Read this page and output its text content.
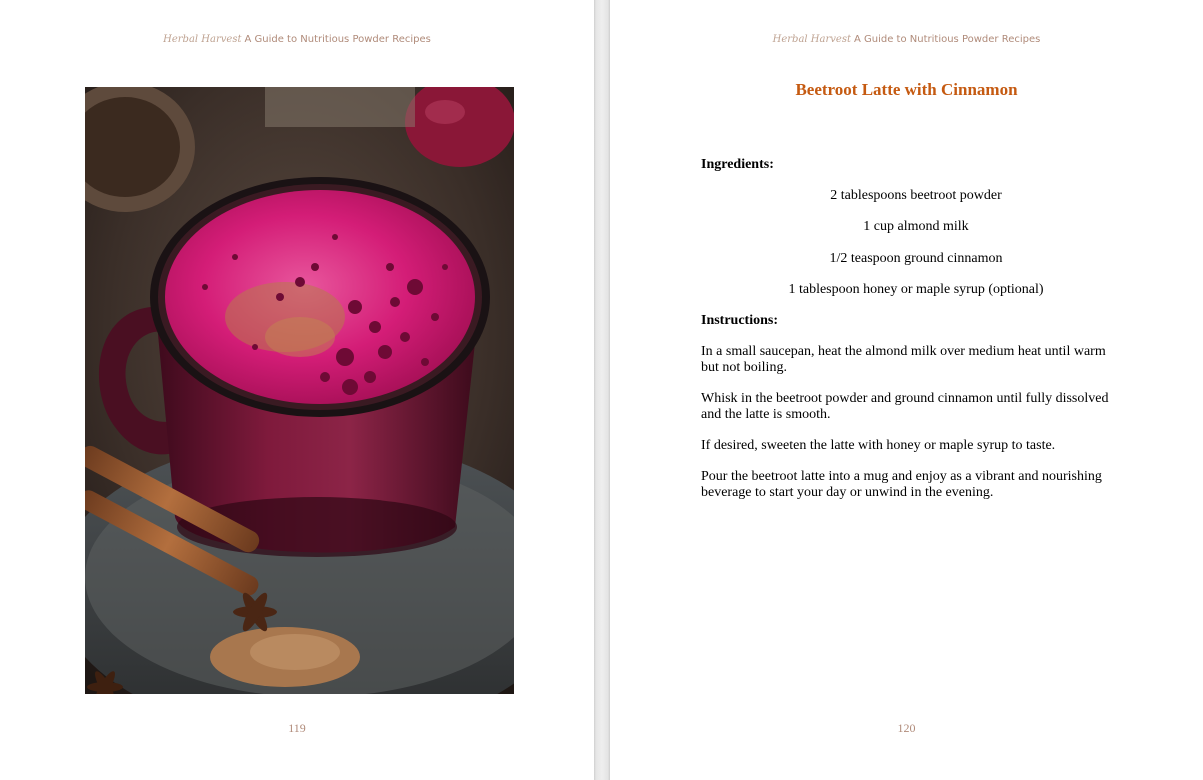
Herbal Harvest A Guide to Nutritious Powder Recipes
119
Herbal Harvest A Guide to Nutritious Powder Recipes
Beetroot Latte with Cinnamon
Ingredients:
2 tablespoons beetroot powder
1 cup almond milk
1/2 teaspoon ground cinnamon
1 tablespoon honey or maple syrup (optional)
Instructions:
In a small saucepan, heat the almond milk over medium heat until warm but not boiling.
Whisk in the beetroot powder and ground cinnamon until fully dissolved and the latte is smooth.
If desired, sweeten the latte with honey or maple syrup to taste.
Pour the beetroot latte into a mug and enjoy as a vibrant and nourishing beverage to start your day or unwind in the evening.
120
